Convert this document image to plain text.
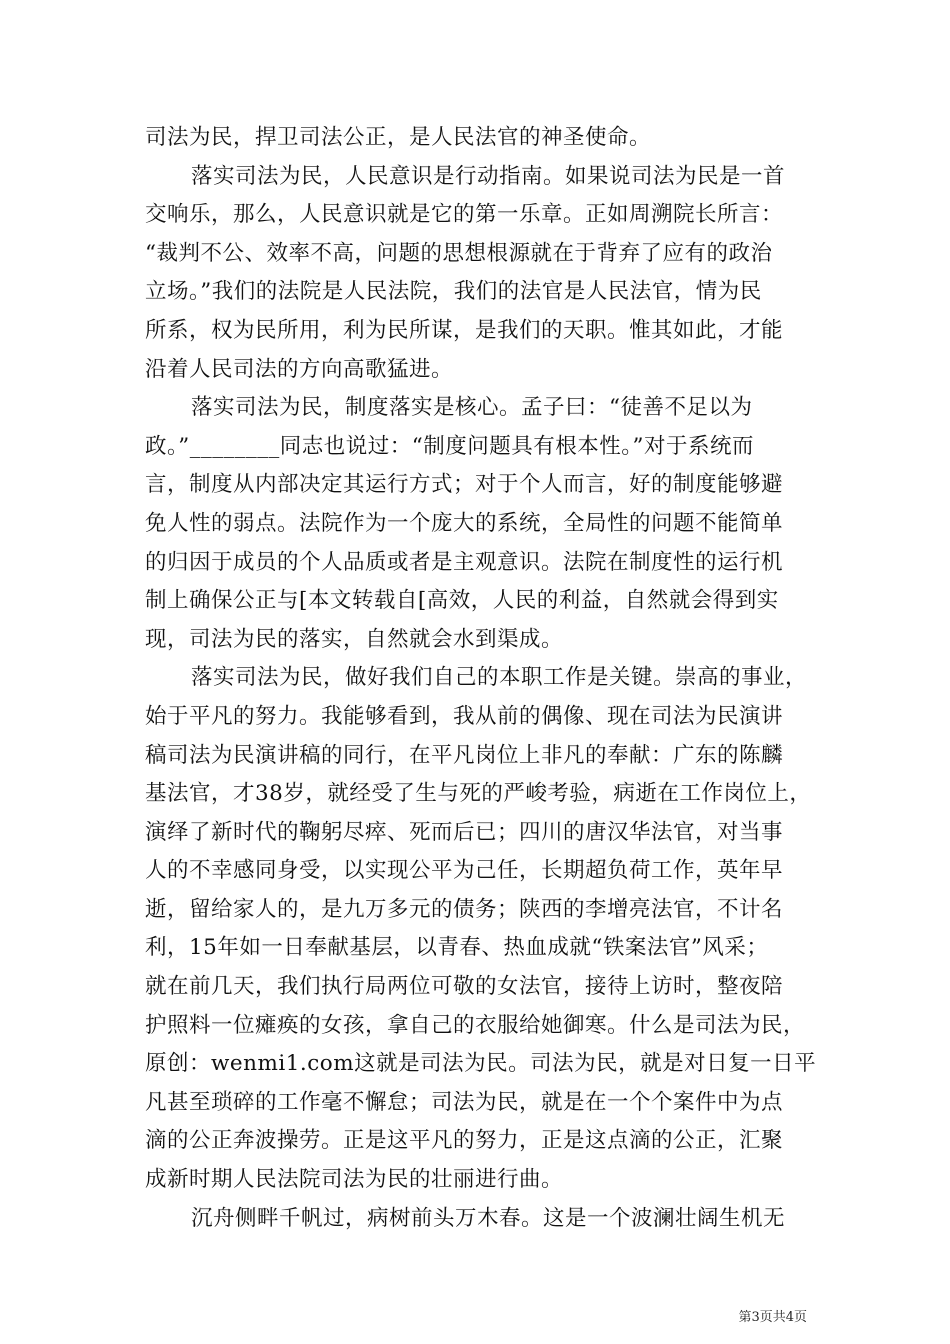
司法为民，捍卫司法公正，是人民法官的神圣使命。
落实司法为民，人民意识是行动指南。如果说司法为民是一首
交响乐，那么，人民意识就是它的第一乐章。正如周溯院长所言：
“裁判不公、效率不高，问题的思想根源就在于背弃了应有的政治
立场。”我们的法院是人民法院，我们的法官是人民法官，情为民
所系，权为民所用，利为民所谋，是我们的天职。惟其如此，才能
沿着人民司法的方向高歌猛进。
落实司法为民，制度落实是核心。孟子曰：“徒善不足以为
政。”________同志也说过：“制度问题具有根本性。”对于系统而
言，制度从内部决定其运行方式；对于个人而言，好的制度能够避
免人性的弱点。法院作为一个庞大的系统，全局性的问题不能简单
的归因于成员的个人品质或者是主观意识。法院在制度性的运行机
制上确保公正与[本文转载自[高效，人民的利益，自然就会得到实
现，司法为民的落实，自然就会水到渠成。
落实司法为民，做好我们自己的本职工作是关键。崇高的事业，
始于平凡的努力。我能够看到，我从前的偶像、现在司法为民演讲
稿司法为民演讲稿的同行，在平凡岗位上非凡的奉献：广东的陈麟
基法官，才38岁，就经受了生与死的严峻考验，病逝在工作岗位上，
演绎了新时代的鞠躬尽瘁、死而后已；四川的唐汉华法官，对当事
人的不幸感同身受，以实现公平为己任，长期超负荷工作，英年早
逝，留给家人的，是九万多元的债务；陕西的李增亮法官，不计名
利，15年如一日奉献基层，以青春、热血成就“铁案法官”风采；
就在前几天，我们执行局两位可敬的女法官，接待上访时，整夜陪
护照料一位瘫痪的女孩，拿自己的衣服给她御寒。什么是司法为民，
原创：wenmi1.com这就是司法为民。司法为民，就是对日复一日平
凡甚至琐碎的工作毫不懈怠；司法为民，就是在一个个案件中为点
滴的公正奔波操劳。正是这平凡的努力，正是这点滴的公正，汇聚
成新时期人民法院司法为民的壮丽进行曲。
沉舟侧畔千帆过，病树前头万木春。这是一个波澜壮阔生机无
第3页共4页
